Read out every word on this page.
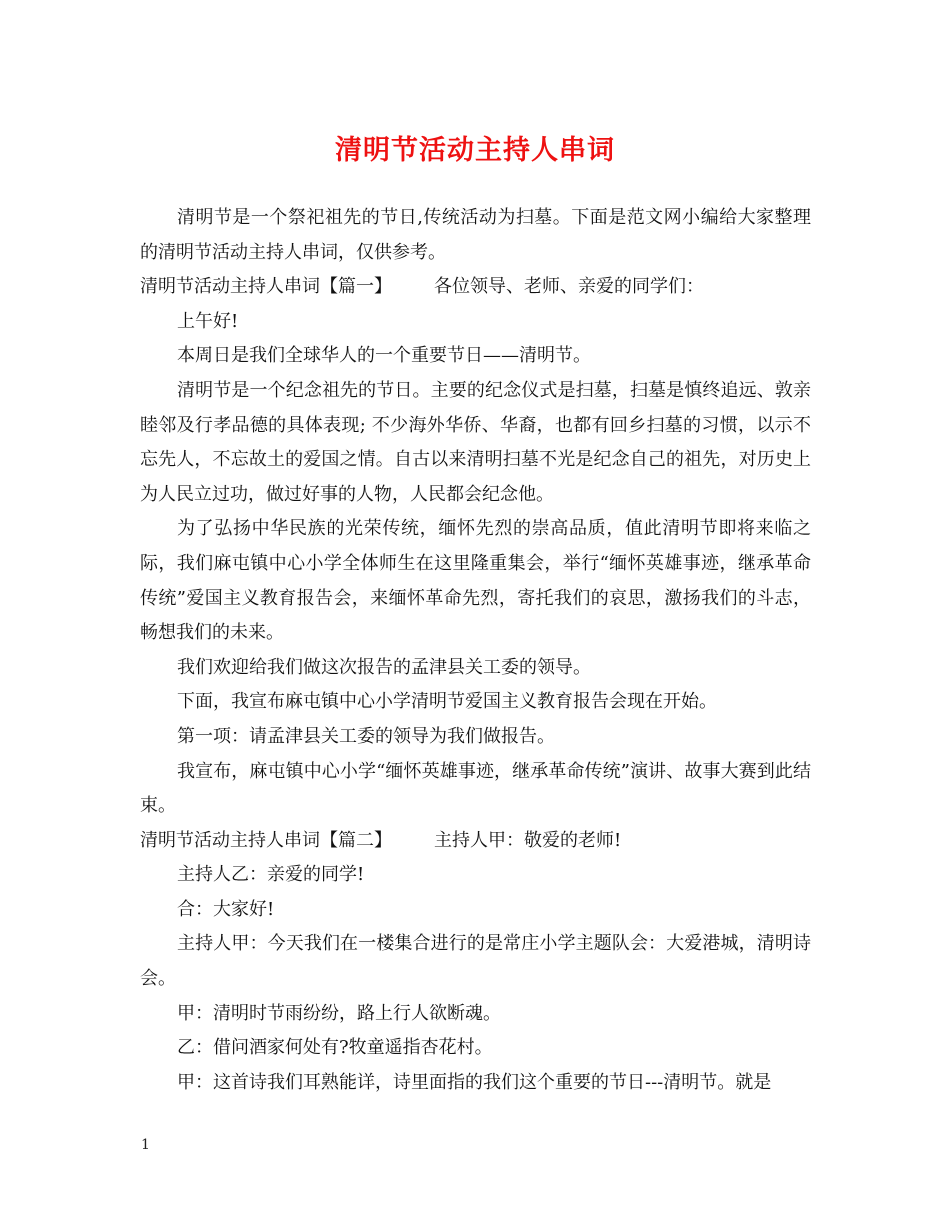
清明节活动主持人串词

清明节是一个祭祀祖先的节日,传统活动为扫墓。下面是范文网小编给大家整理的清明节活动主持人串词，仅供参考。

清明节活动主持人串词【篇一】 各位领导、老师、亲爱的同学们：

上午好!

本周日是我们全球华人的一个重要节日——清明节。

清明节是一个纪念祖先的节日。主要的纪念仪式是扫墓，扫墓是慎终追远、敦亲睦邻及行孝品德的具体表现; 不少海外华侨、华裔，也都有回乡扫墓的习惯，以示不忘先人，不忘故土的爱国之情。自古以来清明扫墓不光是纪念自己的祖先，对历史上为人民立过功，做过好事的人物，人民都会纪念他。

为了弘扬中华民族的光荣传统，缅怀先烈的崇高品质，值此清明节即将来临之际，我们麻屯镇中心小学全体师生在这里隆重集会，举行“缅怀英雄事迹，继承革命传统”爱国主义教育报告会，来缅怀革命先烈，寄托我们的哀思，激扬我们的斗志，畅想我们的未来。

我们欢迎给我们做这次报告的孟津县关工委的领导。

下面，我宣布麻屯镇中心小学清明节爱国主义教育报告会现在开始。

第一项：请孟津县关工委的领导为我们做报告。

我宣布，麻屯镇中心小学“缅怀英雄事迹，继承革命传统”演讲、故事大赛到此结束。

清明节活动主持人串词【篇二】 主持人甲：敬爱的老师!

主持人乙：亲爱的同学!

合：大家好!

主持人甲：今天我们在一楼集合进行的是常庄小学主题队会：大爱港城，清明诗会。

甲：清明时节雨纷纷，路上行人欲断魂。

乙：借问酒家何处有?牧童遥指杏花村。

甲：这首诗我们耳熟能详，诗里面指的我们这个重要的节日---清明节。就是

1
